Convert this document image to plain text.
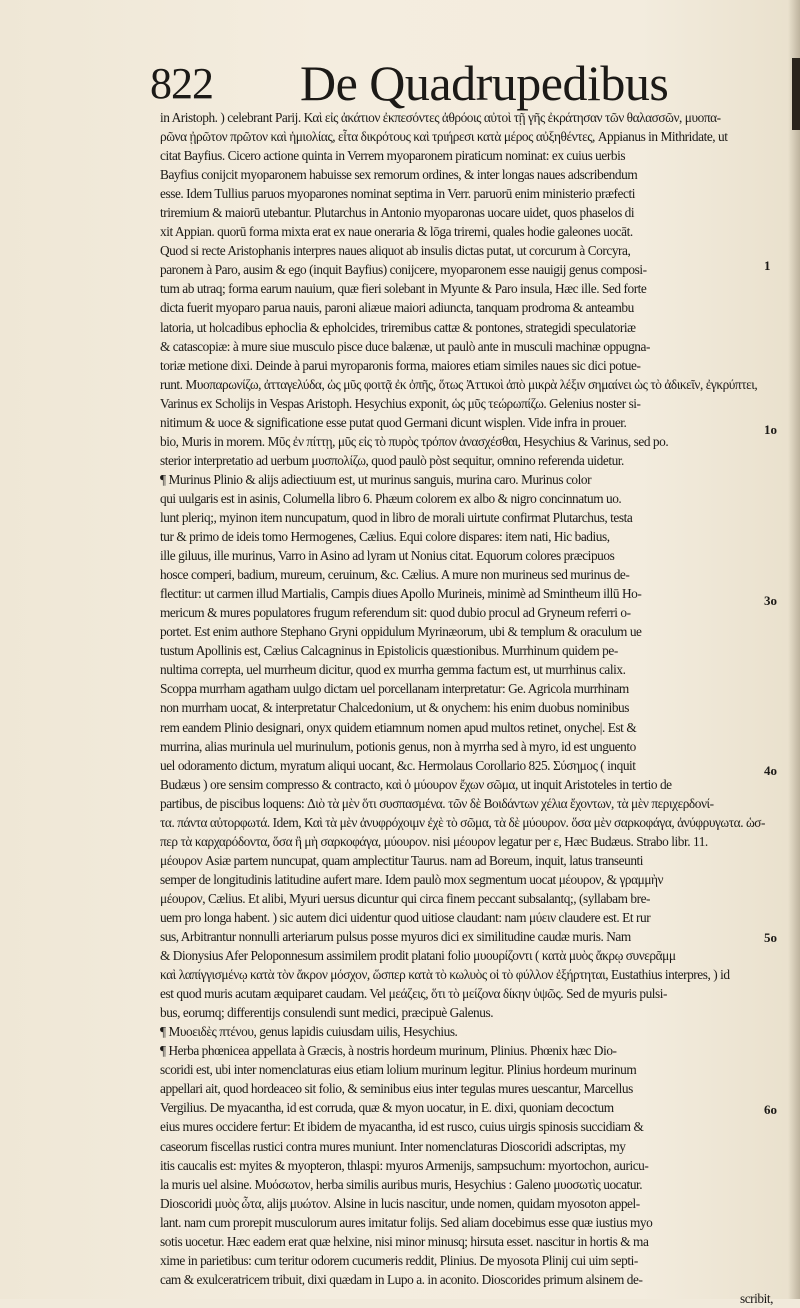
822 De Quadrupedibus
1
1o
3o
4o
5o
6o
in Aristoph. ) celebrant Parij. Καὶ εἰς ἀκάτιον ἐκπεσόντες ἀθρόοις αὐτοὶ τῇ γῆς ἐκράτησαν τῶν θαλασσῶν, μυοπα-
ρῶνα ᾐρῶτον πρῶτον καὶ ἡμιολίας, εἶτα δικρότους καὶ τριήρεσι κατὰ μέρος αὐξηθέντες, Appianus in Mithridate, ut
citat Bayfius. Cicero actione quinta in Verrem myoparonem piraticum nominat: ex cuius uerbis
Bayfius conijcit myoparonem habuisse sex remorum ordines, & inter longas naues adscribendum
esse. Idem Tullius paruos myoparones nominat septima in Verr. paruorū enim ministerio præfecti
triremium & maiorū utebantur. Plutarchus in Antonio myoparonas uocare uidet, quos phaselos di
xit Appian. quorū forma mixta erat ex naue oneraria & lōga triremi, quales hodie galeones uocāt.
Quod si recte Aristophanis interpres naues aliquot ab insulis dictas putat, ut corcurum à Corcyra,
paronem à Paro, ausim & ego (inquit Bayfius) conijcere, myoparonem esse nauigij genus composi-
tum ab utraq; forma earum nauium, quæ fieri solebant in Myunte & Paro insula, Hæc ille. Sed forte
dicta fuerit myoparo parua nauis, paroni aliæue maiori adiuncta, tanquam prodroma & anteambu
latoria, ut holcadibus ephoclia & epholcides, triremibus cattæ & pontones, strategidi speculatoriæ
& catascopiæ: à mure siue musculo pisce duce balænæ, ut paulò ante in musculi machinæ oppugna-
toriæ metione dixi. Deinde à parui myroparonis forma, maiores etiam similes naues sic dici potue-
runt. Μυοπαρωνίζω, ἀτταγελύδα, ὡς μῦς φοιτᾷ ἐκ ὀπῆς, ὅτως Ἀττικοὶ ἀπὸ μικρὰ λέξιν σημαίνει ὡς τὸ ἀδικεῖν, ἐγκρύπτει,
Varinus ex Scholijs in Vespas Aristoph. Hesychius exponit, ὡς μῦς τεώρωπίζω. Gelenius noster si-
nitimum & uoce & significatione esse putat quod Germani dicunt wisplen. Vide infra in prouer.
bio, Muris in morem. Μῦς ἐν πίττῃ, μῦς εἰς τὸ πυρὸς τρόπον ἀνασχέσθαι, Hesychius & Varinus, sed po.
sterior interpretatio ad uerbum μυσπολίζω, quod paulò pòst sequitur, omnino referenda uidetur.
¶ Murinus Plinio & alijs adiectiuum est, ut murinus sanguis, murina caro. Murinus color
qui uulgaris est in asinis, Columella libro 6. Phæum colorem ex albo & nigro concinnatum uo.
lunt pleriq;, myinon item nuncupatum, quod in libro de morali uirtute confirmat Plutarchus, testa
tur & primo de ideis tomo Hermogenes, Cælius. Equi colore dispares: item nati, Hic badius,
ille giluus, ille murinus, Varro in Asino ad lyram ut Nonius citat. Equorum colores præcipuos
hosce comperi, badium, mureum, ceruinum, &c. Cælius. A mure non murineus sed murinus de-
flectitur: ut carmen illud Martialis, Campis diues Apollo Murineis, minimè ad Smintheum illū Ho-
mericum & mures populatores frugum referendum sit: quod dubio procul ad Gryneum referri o-
portet. Est enim authore Stephano Gryni oppidulum Myrinæorum, ubi & templum & oraculum ue
tustum Apollinis est, Cælius Calcagninus in Epistolicis quæstionibus. Murrhinum quidem pe-
nultima correpta, uel murrheum dicitur, quod ex murrha gemma factum est, ut murrhinus calix.
Scoppa murrham agatham uulgo dictam uel porcellanam interpretatur: Ge. Agricola murrhinam
non murrham uocat, & interpretatur Chalcedonium, ut & onychem: his enim duobus nominibus
rem eandem Plinio designari, onyx quidem etiamnum nomen apud multos retinet, onyche|. Est &
murrina, alias murinula uel murinulum, potionis genus, non à myrrha sed à myro, id est unguento
uel odoramento dictum, myratum aliqui uocant, &c. Hermolaus Corollario 825. Σύσημος ( inquit
Budæus ) ore sensim compresso & contracto, καὶ ὁ μύουρον ἔχων σῶμα, ut inquit Aristoteles in tertio de
partibus, de piscibus loquens: Διὸ τὰ μὲν ὅτι συσπασμένα. τῶν δὲ Βοιδάντων χέλια ἔχοντων, τὰ μὲν περιχερδονί-
τα. πάντα αὐτορφωτά. Idem, Καὶ τὰ μὲν ἀνυφρόχοιμν ἐχὲ τὸ σῶμα, τὰ δὲ μύουρον. ὅσα μὲν σαρκοφάγα, ἀνύφρυγωτα. ὡσ-
περ τὰ καρχαρόδοντα, ὅσα ἢ μὴ σαρκοφάγα, μύουρον. nisi μέουρον legatur per ε, Hæc Budæus. Strabo libr. 11.
μέουρον Asiæ partem nuncupat, quam amplectitur Taurus. nam ad Boreum, inquit, latus transeunti
semper de longitudinis latitudine aufert mare. Idem paulò mox segmentum uocat μέουρον, & γραμμὴν
μέουρον, Cælius. Et alibi, Myuri uersus dicuntur qui circa finem peccant subsalantq;, (syllabam bre-
uem pro longa habent. ) sic autem dici uidentur quod uitiose claudant: nam μύειν claudere est. Et rur
sus, Arbitrantur nonnulli arteriarum pulsus posse myuros dici ex similitudine caudæ muris. Nam
& Dionysius Afer Peloponnesum assimilem prodit platani folio μυουρίζοντι ( κατὰ μυὸς ἄκρῳ συνερᾶμμ
καὶ λαπίγγισμένῳ κατὰ τὸν ἄκρον μόσχον, ὥσπερ κατὰ τὸ κωλυὸς οἱ τὸ φύλλον ἐξήρτηται, Eustathius interpres, ) id
est quod muris acutam æquiparet caudam. Vel μεάζεις, ὅτι τὸ μείζονα δίκην ὑψῶς. Sed de myuris pulsi-
bus, eorumq; differentijs consulendi sunt medici, præcipuè Galenus.
¶ Μυοειδὲς πτένου, genus lapidis cuiusdam uilis, Hesychius.
¶ Herba phœnicea appellata à Græcis, à nostris hordeum murinum, Plinius. Phœnix hæc Dio-
scoridi est, ubi inter nomenclaturas eius etiam lolium murinum legitur. Plinius hordeum murinum
appellari ait, quod hordeaceo sit folio, & seminibus eius inter tegulas mures uescantur, Marcellus
Vergilius. De myacantha, id est corruda, quæ & myon uocatur, in E. dixi, quoniam decoctum
eius mures occidere fertur: Et ibidem de myacantha, id est rusco, cuius uirgis spinosis succidiam &
caseorum fiscellas rustici contra mures muniunt. Inter nomenclaturas Dioscoridi adscriptas, my
itis caucalis est: myites & myopteron, thlaspi: myuros Armenijs, sampsuchum: myortochon, auricu-
la muris uel alsine. Μυόσωτον, herba similis auribus muris, Hesychius : Galeno μυοσωτὶς uocatur.
Dioscoridi μυὸς ὦτα, alijs μυώτον. Alsine in lucis nascitur, unde nomen, quidam myosoton appel-
lant. nam cum prorepit musculorum aures imitatur folijs. Sed aliam docebimus esse quæ iustius myo
sotis uocetur. Hæc eadem erat quæ helxine, nisi minor minusq; hirsuta esset. nascitur in hortis & ma
xime in parietibus: cum teritur odorem cucumeris reddit, Plinius. De myosota Plinij cui uim septi-
cam & exulceratricem tribuit, dixi quædam in Lupo a. in aconito. Dioscorides primum alsinem de-
scribit,
